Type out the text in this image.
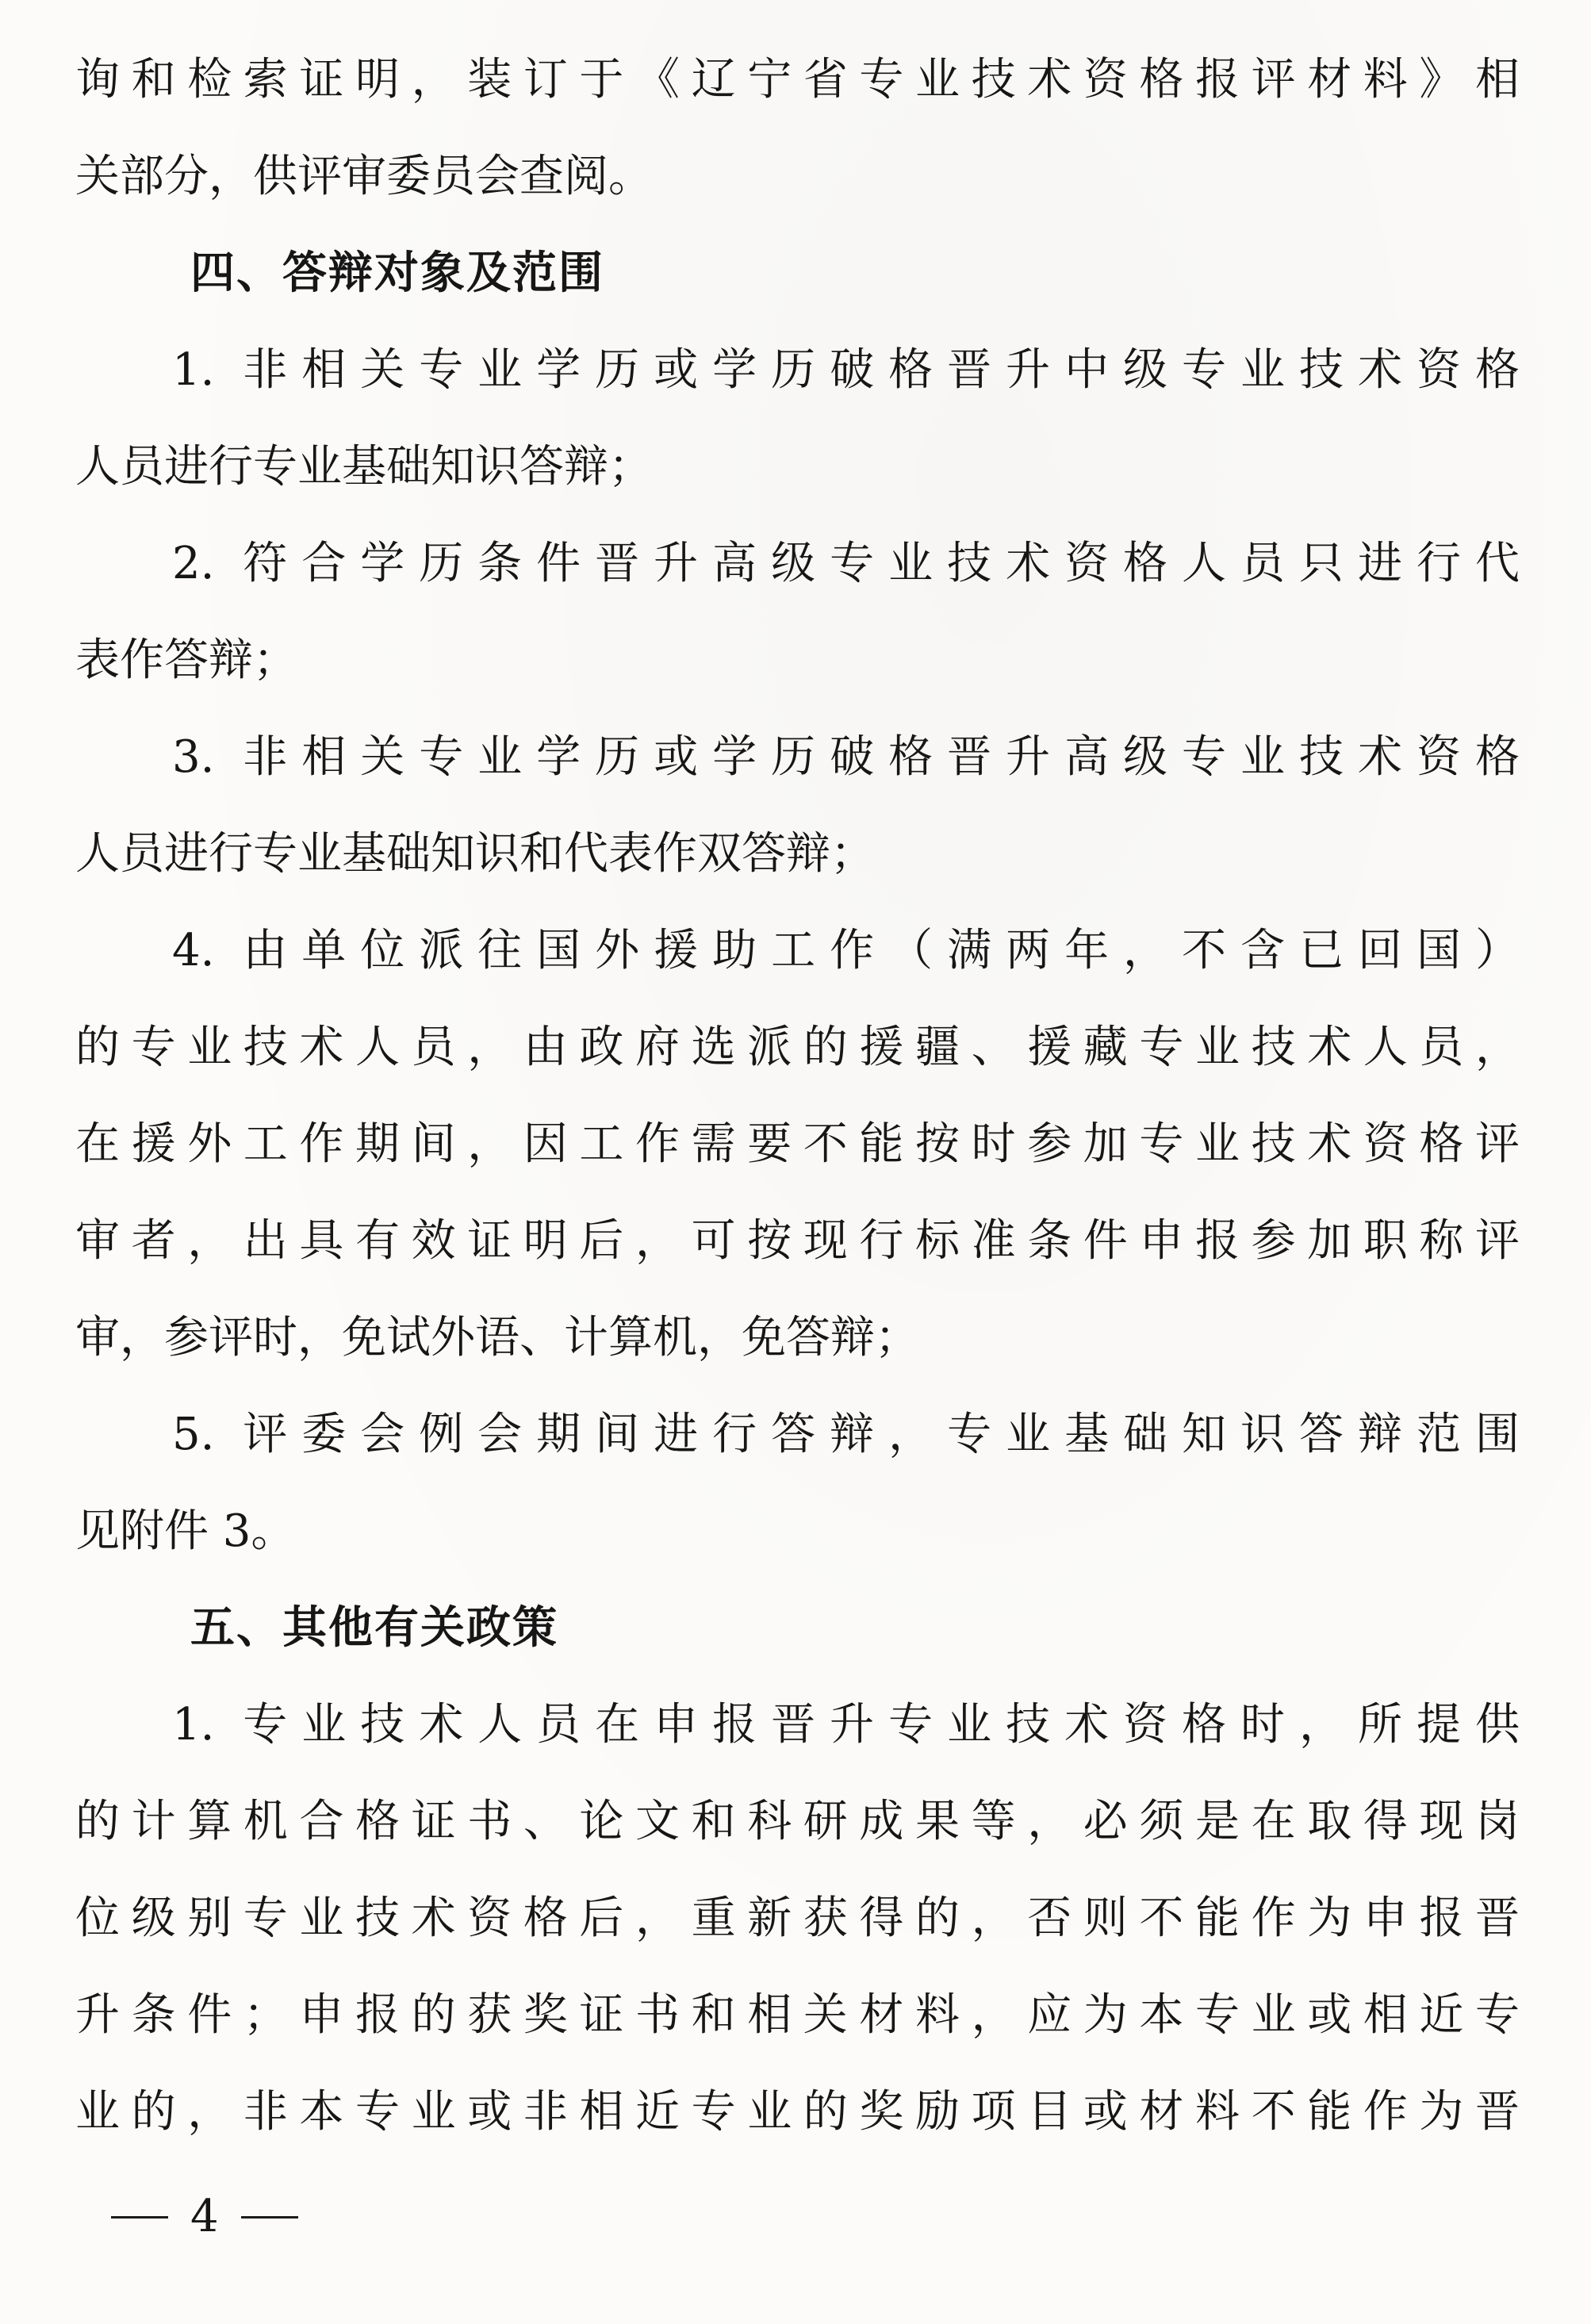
询和检索证明，装订于《辽宁省专业技术资格报评材料》相
关部分，供评审委员会查阅。
四、答辩对象及范围
1. 非相关专业学历或学历破格晋升中级专业技术资格
人员进行专业基础知识答辩；
2. 符合学历条件晋升高级专业技术资格人员只进行代
表作答辩；
3. 非相关专业学历或学历破格晋升高级专业技术资格
人员进行专业基础知识和代表作双答辩；
4. 由单位派往国外援助工作（满两年，不含已回国）
的专业技术人员，由政府选派的援疆、援藏专业技术人员，
在援外工作期间，因工作需要不能按时参加专业技术资格评
审者，出具有效证明后，可按现行标准条件申报参加职称评
审，参评时，免试外语、计算机，免答辩；
5. 评委会例会期间进行答辩，专业基础知识答辩范围
见附件 3。
五、其他有关政策
1. 专业技术人员在申报晋升专业技术资格时，所提供
的计算机合格证书、论文和科研成果等，必须是在取得现岗
位级别专业技术资格后，重新获得的，否则不能作为申报晋
升条件；申报的获奖证书和相关材料，应为本专业或相近专
业的，非本专业或非相近专业的奖励项目或材料不能作为晋
4
